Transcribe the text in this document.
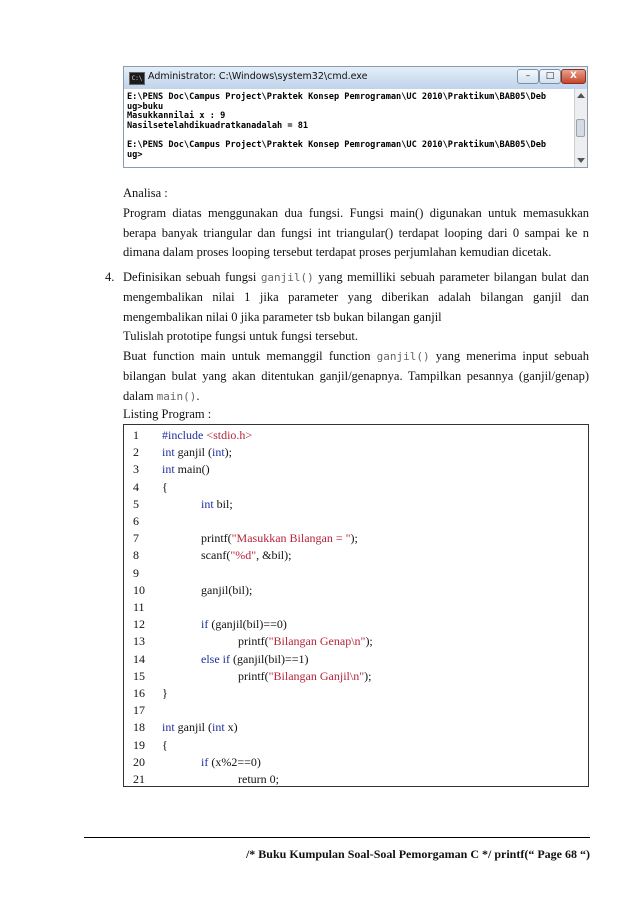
C:\ Administrator: C:\Windows\system32\cmd.exe	–	□	X
E:\PENS Doc\Campus Project\Praktek Konsep Pemrograman\UC 2010\Praktikum\BAB05\Deb
ug>buku
Masukkannilai x : 9
Nasilsetelahdikuadratkanadalah = 81
E:\PENS Doc\Campus Project\Praktek Konsep Pemrograman\UC 2010\Praktikum\BAB05\Deb
ug>

Analisa :

Program diatas menggunakan dua fungsi. Fungsi main() digunakan untuk memasukkan berapa banyak triangular dan fungsi int triangular() terdapat looping dari 0 sampai ke n dimana dalam proses looping tersebut terdapat proses perjumlahan kemudian dicetak.

4. Definisikan sebuah fungsi ganjil() yang memilliki sebuah parameter bilangan bulat dan mengembalikan nilai 1 jika parameter yang diberikan adalah bilangan ganjil dan mengembalikan nilai 0 jika parameter tsb bukan bilangan ganjil

Tulislah prototipe fungsi untuk fungsi tersebut.

Buat function main untuk memanggil function ganjil() yang menerima input sebuah bilangan bulat yang akan ditentukan ganjil/genapnya. Tampilkan pesannya (ganjil/genap) dalam main().

Listing Program :
1 #include <stdio.h>
2 int ganjil (int);
3 int main()
4 {
5	int bil;
6
7	printf("Masukkan Bilangan = ");
8	scanf("%d", &bil);
9
10	ganjil(bil);
11
12	if (ganjil(bil)==0)
13	printf("Bilangan Genap\n");
14	else if (ganjil(bil)==1)
15	printf("Bilangan Ganjil\n");
16 }
17
18 int ganjil (int x)
19 {
20	if (x%2==0)
21	return 0;
/* Buku Kumpulan Soal-Soal Pemorgaman C */ printf(“ Page 68 “)
